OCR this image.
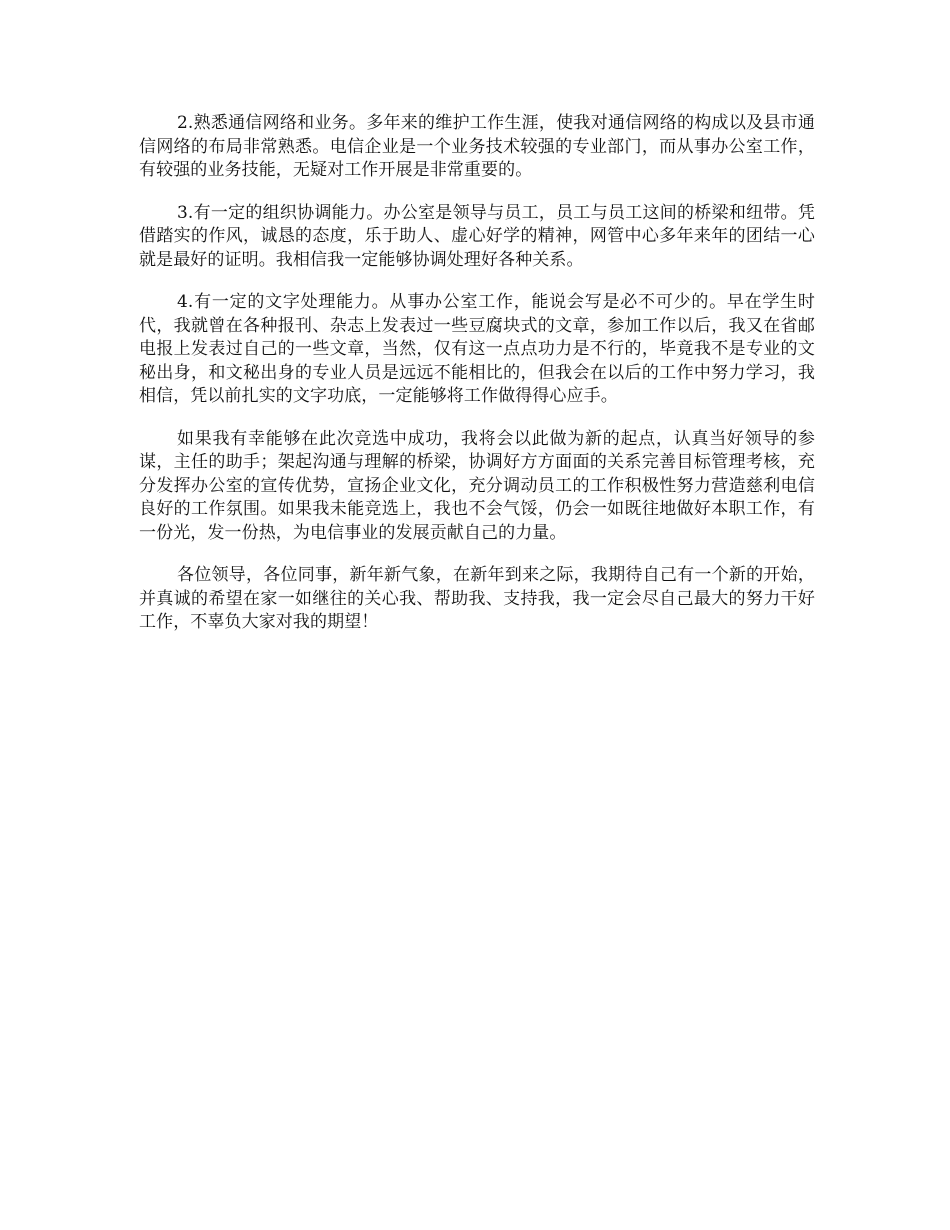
2.熟悉通信网络和业务。多年来的维护工作生涯，使我对通信网络的构成以及县市通信网络的布局非常熟悉。电信企业是一个业务技术较强的专业部门，而从事办公室工作，有较强的业务技能，无疑对工作开展是非常重要的。

3.有一定的组织协调能力。办公室是领导与员工，员工与员工这间的桥梁和纽带。凭借踏实的作风，诚恳的态度，乐于助人、虚心好学的精神，网管中心多年来年的团结一心就是最好的证明。我相信我一定能够协调处理好各种关系。

4.有一定的文字处理能力。从事办公室工作，能说会写是必不可少的。早在学生时代，我就曾在各种报刊、杂志上发表过一些豆腐块式的文章，参加工作以后，我又在省邮电报上发表过自己的一些文章，当然，仅有这一点点功力是不行的，毕竟我不是专业的文秘出身，和文秘出身的专业人员是远远不能相比的，但我会在以后的工作中努力学习，我相信，凭以前扎实的文字功底，一定能够将工作做得得心应手。

如果我有幸能够在此次竞选中成功，我将会以此做为新的起点，认真当好领导的参谋，主任的助手；架起沟通与理解的桥梁，协调好方方面面的关系完善目标管理考核，充分发挥办公室的宣传优势，宣扬企业文化，充分调动员工的工作积极性努力营造慈利电信良好的工作氛围。如果我未能竞选上，我也不会气馁，仍会一如既往地做好本职工作，有一份光，发一份热，为电信事业的发展贡献自己的力量。

各位领导，各位同事，新年新气象，在新年到来之际，我期待自己有一个新的开始，并真诚的希望在家一如继往的关心我、帮助我、支持我，我一定会尽自己最大的努力干好工作，不辜负大家对我的期望！
